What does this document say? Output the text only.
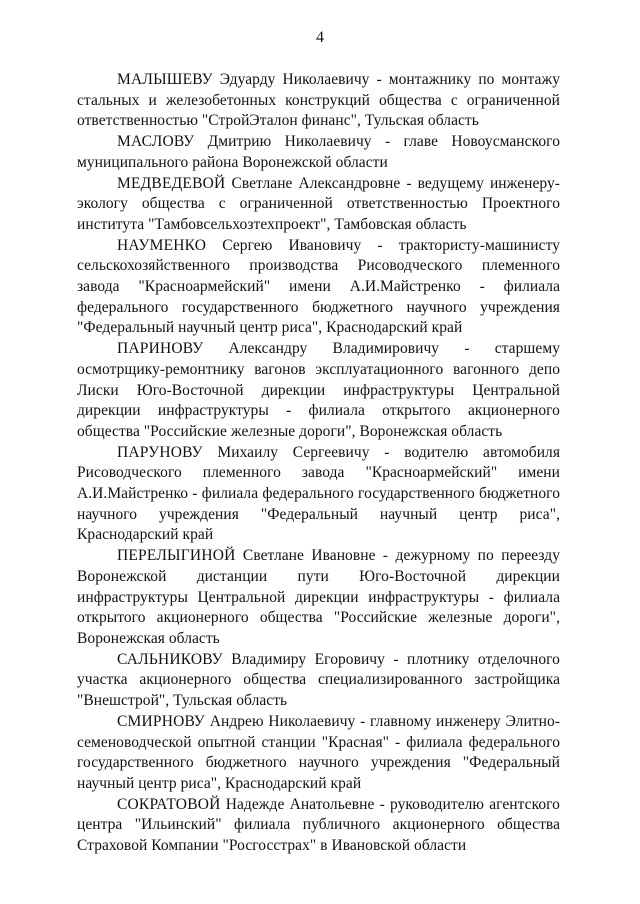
4

МАЛЫШЕВУ Эдуарду Николаевичу - монтажнику по монтажу стальных и железобетонных конструкций общества с ограниченной ответственностью "СтройЭталон финанс", Тульская область

МАСЛОВУ Дмитрию Николаевичу - главе Новоусманского муниципального района Воронежской области

МЕДВЕДЕВОЙ Светлане Александровне - ведущему инженеру-экологу общества с ограниченной ответственностью Проектного института "Тамбовсельхозтехпроект", Тамбовская область

НАУМЕНКО Сергею Ивановичу - трактористу-машинисту сельскохозяйственного производства Рисоводческого племенного завода "Красноармейский" имени А.И.Майстренко - филиала федерального государственного бюджетного научного учреждения "Федеральный научный центр риса", Краснодарский край

ПАРИНОВУ Александру Владимировичу - старшему осмотрщику-ремонтнику вагонов эксплуатационного вагонного депо Лиски Юго-Восточной дирекции инфраструктуры Центральной дирекции инфраструктуры - филиала открытого акционерного общества "Российские железные дороги", Воронежская область

ПАРУНОВУ Михаилу Сергеевичу - водителю автомобиля Рисоводческого племенного завода "Красноармейский" имени А.И.Майстренко - филиала федерального государственного бюджетного научного учреждения "Федеральный научный центр риса", Краснодарский край

ПЕРЕЛЫГИНОЙ Светлане Ивановне - дежурному по переезду Воронежской дистанции пути Юго-Восточной дирекции инфраструктуры Центральной дирекции инфраструктуры - филиала открытого акционерного общества "Российские железные дороги", Воронежская область

САЛЬНИКОВУ Владимиру Егоровичу - плотнику отделочного участка акционерного общества специализированного застройщика "Внешстрой", Тульская область

СМИРНОВУ Андрею Николаевичу - главному инженеру Элитно-семеноводческой опытной станции "Красная" - филиала федерального государственного бюджетного научного учреждения "Федеральный научный центр риса", Краснодарский край

СОКРАТОВОЙ Надежде Анатольевне - руководителю агентского центра "Ильинский" филиала публичного акционерного общества Страховой Компании "Росгосстрах" в Ивановской области
